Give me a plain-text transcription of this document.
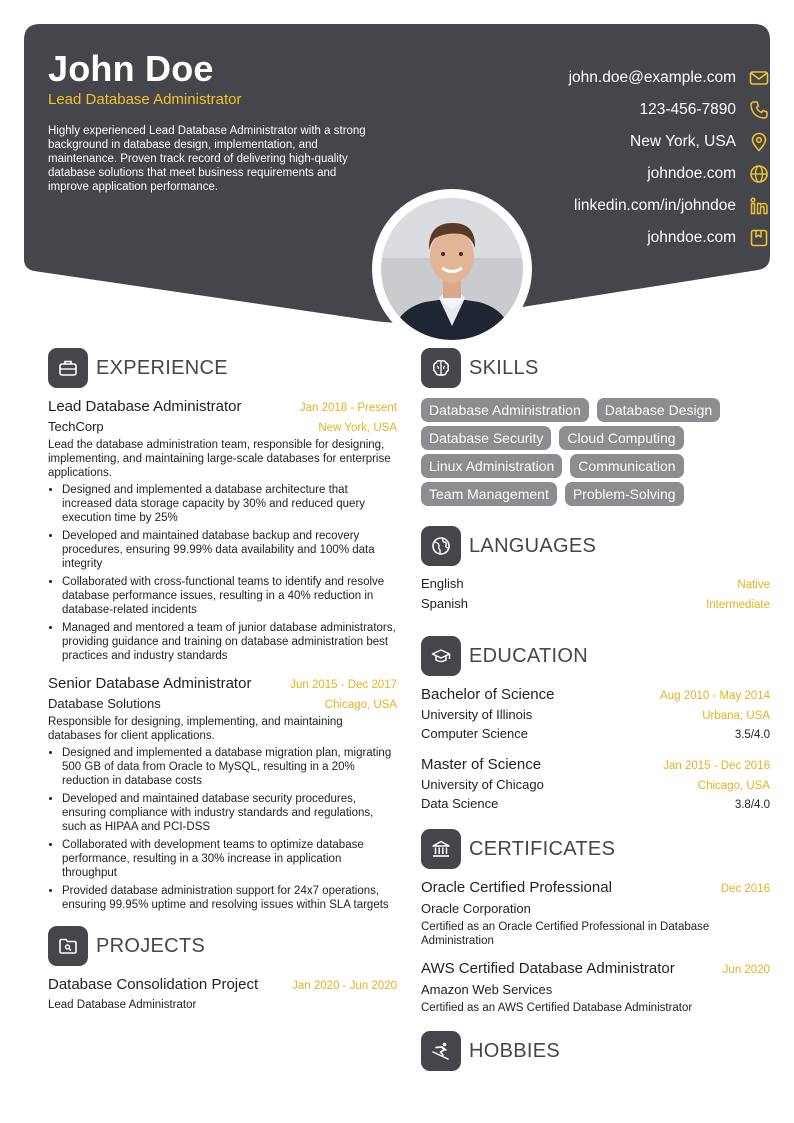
John Doe
Lead Database Administrator
Highly experienced Lead Database Administrator with a strong background in database design, implementation, and maintenance. Proven track record of delivering high-quality database solutions that meet business requirements and improve application performance.
john.doe@example.com
123-456-7890
New York, USA
johndoe.com
linkedin.com/in/johndoe
johndoe.com
EXPERIENCE
Lead Database Administrator	Jan 2018 - Present
TechCorp	New York, USA
Lead the database administration team, responsible for designing, implementing, and maintaining large-scale databases for enterprise applications.
• Designed and implemented a database architecture that increased data storage capacity by 30% and reduced query execution time by 25%
• Developed and maintained database backup and recovery procedures, ensuring 99.99% data availability and 100% data integrity
• Collaborated with cross-functional teams to identify and resolve database performance issues, resulting in a 40% reduction in database-related incidents
• Managed and mentored a team of junior database administrators, providing guidance and training on database administration best practices and industry standards
Senior Database Administrator	Jun 2015 - Dec 2017
Database Solutions	Chicago, USA
Responsible for designing, implementing, and maintaining databases for client applications.
• Designed and implemented a database migration plan, migrating 500 GB of data from Oracle to MySQL, resulting in a 20% reduction in database costs
• Developed and maintained database security procedures, ensuring compliance with industry standards and regulations, such as HIPAA and PCI-DSS
• Collaborated with development teams to optimize database performance, resulting in a 30% increase in application throughput
• Provided database administration support for 24x7 operations, ensuring 99.95% uptime and resolving issues within SLA targets
PROJECTS
Database Consolidation Project	Jan 2020 - Jun 2020
Lead Database Administrator
SKILLS
Database Administration	Database Design
Database Security	Cloud Computing
Linux Administration	Communication
Team Management	Problem-Solving
LANGUAGES
English	Native
Spanish	Intermediate
EDUCATION
Bachelor of Science	Aug 2010 - May 2014
University of Illinois	Urbana, USA
Computer Science	3.5/4.0
Master of Science	Jan 2015 - Dec 2016
University of Chicago	Chicago, USA
Data Science	3.8/4.0
CERTIFICATES
Oracle Certified Professional	Dec 2016
Oracle Corporation
Certified as an Oracle Certified Professional in Database Administration
AWS Certified Database Administrator	Jun 2020
Amazon Web Services
Certified as an AWS Certified Database Administrator
HOBBIES
